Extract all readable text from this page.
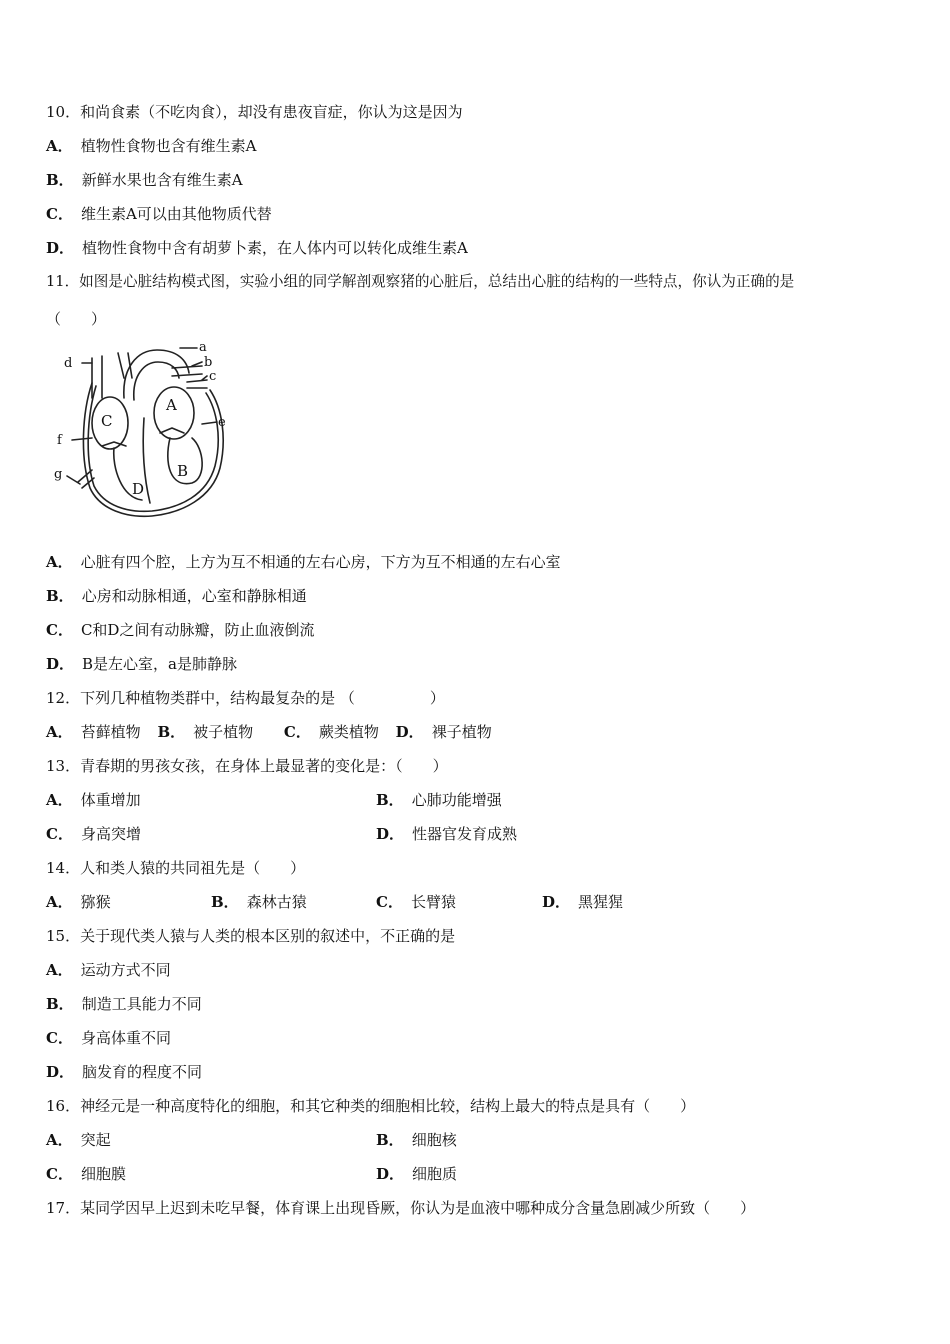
10．和尚食素（不吃肉食），却没有患夜盲症，你认为这是因为
A． 植物性食物也含有维生素A
B． 新鲜水果也含有维生素A
C． 维生素A可以由其他物质代替
D． 植物性食物中含有胡萝卜素，在人体内可以转化成维生素A
11．如图是心脏结构模式图，实验小组的同学解剖观察猪的心脏后，总结出心脏的结构的一些特点，你认为正确的是
（　　）
a
b
c
d
e
f
g
A
B
C
D
A． 心脏有四个腔，上方为互不相通的左右心房，下方为互不相通的左右心室
B． 心房和动脉相通，心室和静脉相通
C． C和D之间有动脉瓣，防止血液倒流
D． B是左心室，a是肺静脉
12．下列几种植物类群中，结构最复杂的是 （　　　　　）
A． 苔藓植物 B． 被子植物 C． 蕨类植物 D． 裸子植物
13．青春期的男孩女孩，在身体上最显著的变化是：（　　）
A． 体重增加	B． 心肺功能增强
C． 身高突增	D． 性器官发育成熟
14．人和类人猿的共同祖先是（　　）
A． 猕猴	B． 森林古猿	C． 长臂猿	D． 黑猩猩
15．关于现代类人猿与人类的根本区别的叙述中，不正确的是
A． 运动方式不同
B． 制造工具能力不同
C． 身高体重不同
D． 脑发育的程度不同
16．神经元是一种高度特化的细胞，和其它种类的细胞相比较，结构上最大的特点是具有（　　）
A． 突起	B． 细胞核
C． 细胞膜	D． 细胞质
17．某同学因早上迟到未吃早餐，体育课上出现昏厥，你认为是血液中哪种成分含量急剧减少所致（　　）
